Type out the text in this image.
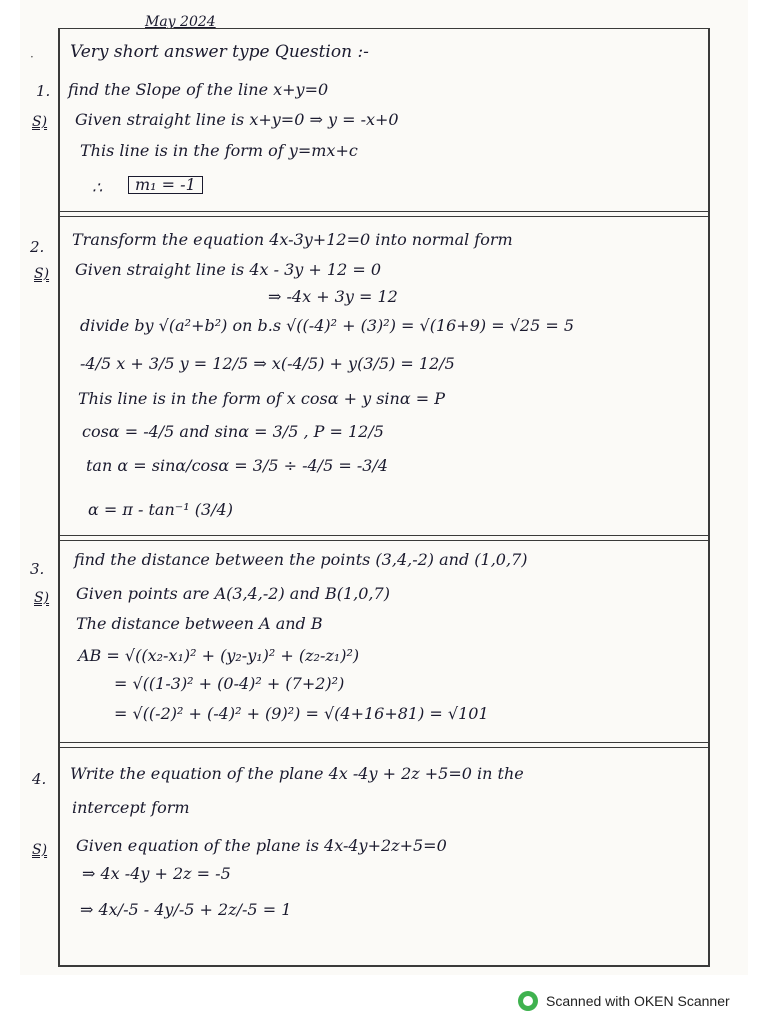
May 2024
· Very short answer type Question :-
1. find the Slope of the line x+y=0
S) Given straight line is x+y=0 ⇒ y = -x+0
This line is in the form of y=mx+c
∴	m₁ = -1
2. Transform the equation 4x-3y+12=0 into normal form
S) Given straight line is 4x - 3y + 12 = 0
⇒ -4x + 3y = 12
divide by √(a²+b²) on b.s √((-4)² + (3)²) = √(16+9) = √25 = 5
-4/5 x + 3/5 y = 12/5 ⇒ x(-4/5) + y(3/5) = 12/5
This line is in the form of x cosα + y sinα = P
cosα = -4/5 and sinα = 3/5 , P = 12/5
tan α = sinα/cosα = 3/5 ÷ -4/5 = -3/4
α = π - tan⁻¹ (3/4)
3. find the distance between the points (3,4,-2) and (1,0,7)
S) Given points are A(3,4,-2) and B(1,0,7)
The distance between A and B
AB = √((x₂-x₁)² + (y₂-y₁)² + (z₂-z₁)²)
= √((1-3)² + (0-4)² + (7+2)²)
= √((-2)² + (-4)² + (9)²) = √(4+16+81) = √101
4. Write the equation of the plane 4x -4y + 2z +5=0 in the
intercept form
S) Given equation of the plane is 4x-4y+2z+5=0
⇒ 4x -4y + 2z = -5
⇒ 4x/-5 - 4y/-5 + 2z/-5 = 1
Scanned with OKEN Scanner
